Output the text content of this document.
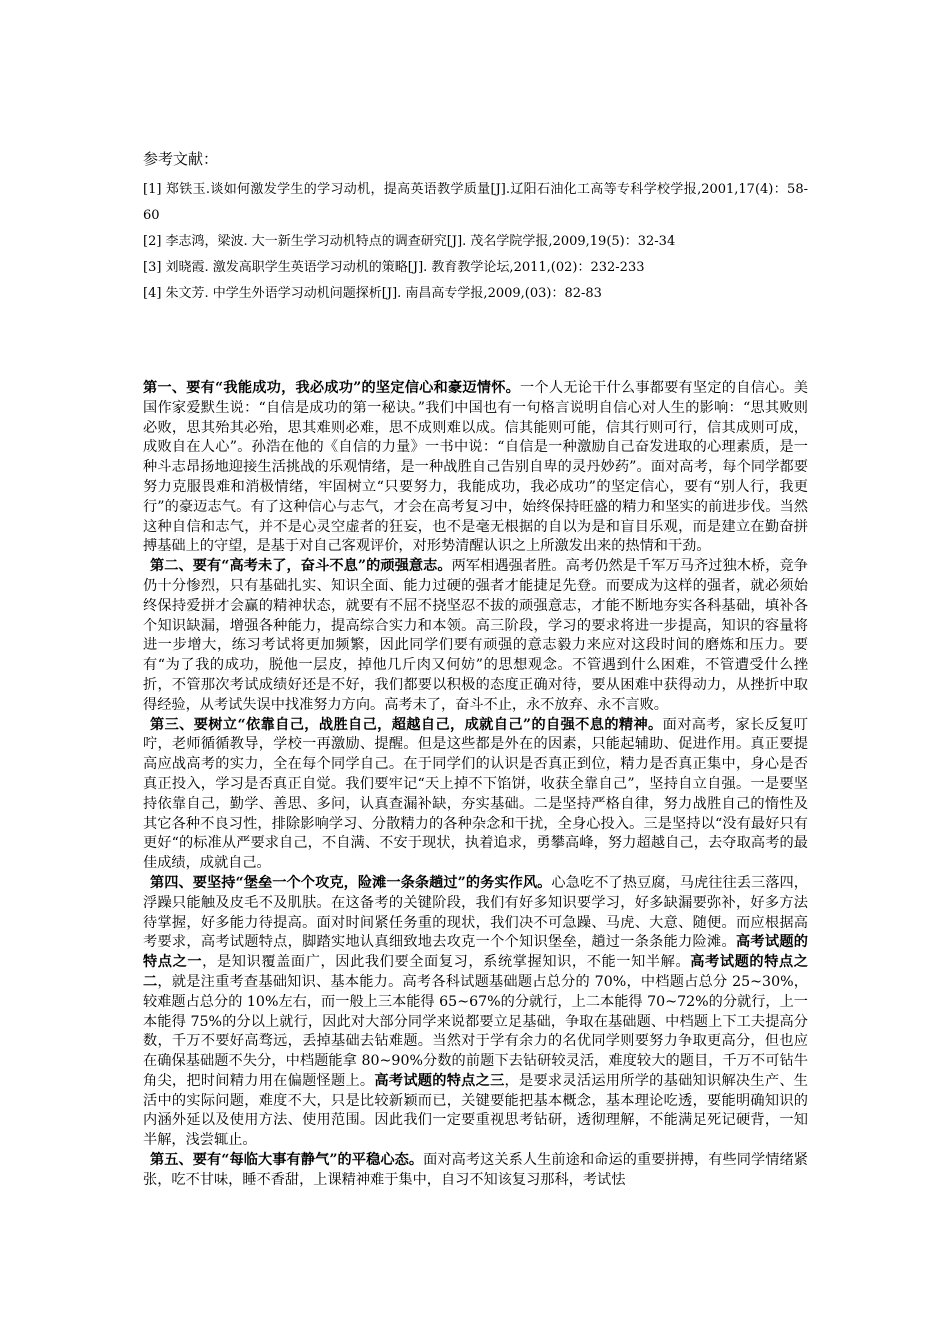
参考文献：

[1] 郑铁玉.谈如何激发学生的学习动机，提高英语教学质量[J].辽阳石油化工高等专科学校学报,2001,17(4)：58-60

[2] 李志鸿，梁波. 大一新生学习动机特点的调查研究[J]. 茂名学院学报,2009,19(5)：32-34

[3] 刘晓霞. 激发高职学生英语学习动机的策略[J]. 教育教学论坛,2011,(02)：232-233

[4] 朱文芳. 中学生外语学习动机问题探析[J]. 南昌高专学报,2009,(03)：82-83

第一、要有“我能成功，我必成功”的坚定信心和豪迈情怀。一个人无论干什么事都要有坚定的自信心。美国作家爱默生说：“自信是成功的第一秘诀。”我们中国也有一句格言说明自信心对人生的影响：“思其败则必败，思其殆其必殆，思其难则必难，思不成则难以成。信其能则可能，信其行则可行，信其成则可成，成败自在人心”。孙浩在他的《自信的力量》一书中说：“自信是一种激励自己奋发进取的心理素质，是一种斗志昂扬地迎接生活挑战的乐观情绪，是一种战胜自己告别自卑的灵丹妙药”。面对高考，每个同学都要努力克服畏难和消极情绪，牢固树立“只要努力，我能成功，我必成功”的坚定信心，要有“别人行，我更行”的豪迈志气。有了这种信心与志气，才会在高考复习中，始终保持旺盛的精力和坚实的前进步伐。当然这种自信和志气，并不是心灵空虚者的狂妄，也不是毫无根据的自以为是和盲目乐观，而是建立在勤奋拼搏基础上的守望，是基于对自己客观评价，对形势清醒认识之上所激发出来的热情和干劲。

第二、要有“高考未了，奋斗不息”的顽强意志。两军相遇强者胜。高考仍然是千军万马齐过独木桥，竞争仍十分惨烈，只有基础扎实、知识全面、能力过硬的强者才能捷足先登。而要成为这样的强者，就必须始终保持爱拼才会赢的精神状态，就要有不屈不挠坚忍不拔的顽强意志，才能不断地夯实各科基础，填补各个知识缺漏，增强各种能力，提高综合实力和本领。高三阶段，学习的要求将进一步提高，知识的容量将进一步增大，练习考试将更加频繁，因此同学们要有顽强的意志毅力来应对这段时间的磨炼和压力。要有“为了我的成功，脱他一层皮，掉他几斤肉又何妨”的思想观念。不管遇到什么困难，不管遭受什么挫折，不管那次考试成绩好还是不好，我们都要以积极的态度正确对待，要从困难中获得动力，从挫折中取得经验，从考试失误中找准努力方向。高考未了，奋斗不止，永不放弃、永不言败。

第三、要树立“依靠自己，战胜自己，超越自己，成就自己”的自强不息的精神。面对高考，家长反复叮咛，老师循循教导，学校一再激励、提醒。但是这些都是外在的因素，只能起辅助、促进作用。真正要提高应战高考的实力，全在每个同学自己。在于同学们的认识是否真正到位，精力是否真正集中，身心是否真正投入，学习是否真正自觉。我们要牢记“天上掉不下馅饼，收获全靠自己”，坚持自立自强。一是要坚持依靠自己，勤学、善思、多问，认真查漏补缺，夯实基础。二是坚持严格自律，努力战胜自己的惰性及其它各种不良习性，排除影响学习、分散精力的各种杂念和干扰，全身心投入。三是坚持以“没有最好只有更好“的标准从严要求自己，不自满、不安于现状，执着追求，勇攀高峰，努力超越自己，去夺取高考的最佳成绩，成就自己。

第四、要坚持“堡垒一个个攻克，险滩一条条趟过”的务实作风。心急吃不了热豆腐，马虎往往丢三落四，浮躁只能触及皮毛不及肌肤。在这备考的关键阶段，我们有好多知识要学习，好多缺漏要弥补，好多方法待掌握，好多能力待提高。面对时间紧任务重的现状，我们决不可急躁、马虎、大意、随便。而应根据高考要求，高考试题特点，脚踏实地认真细致地去攻克一个个知识堡垒，趟过一条条能力险滩。高考试题的特点之一，是知识覆盖面广，因此我们要全面复习，系统掌握知识，不能一知半解。高考试题的特点之二，就是注重考查基础知识、基本能力。高考各科试题基础题占总分的 70%，中档题占总分 25~30%，较难题占总分的 10%左右，而一般上三本能得 65~67%的分就行，上二本能得 70~72%的分就行，上一本能得 75%的分以上就行，因此对大部分同学来说都要立足基础，争取在基础题、中档题上下工夫提高分数，千万不要好高骛远，丢掉基础去钻难题。当然对于学有余力的名优同学则要努力争取更高分，但也应在确保基础题不失分，中档题能拿 80~90%分数的前题下去钻研较灵活，难度较大的题目，千万不可钻牛角尖，把时间精力用在偏题怪题上。高考试题的特点之三，是要求灵活运用所学的基础知识解决生产、生活中的实际问题，难度不大，只是比较新颖而已，关键要能把基本概念，基本理论吃透，要能明确知识的内涵外延以及使用方法、使用范围。因此我们一定要重视思考钻研，透彻理解，不能满足死记硬背，一知半解，浅尝辄止。

第五、要有“每临大事有静气”的平稳心态。面对高考这关系人生前途和命运的重要拼搏，有些同学情绪紧张，吃不甘味，睡不香甜，上课精神难于集中，自习不知该复习那科，考试怯
